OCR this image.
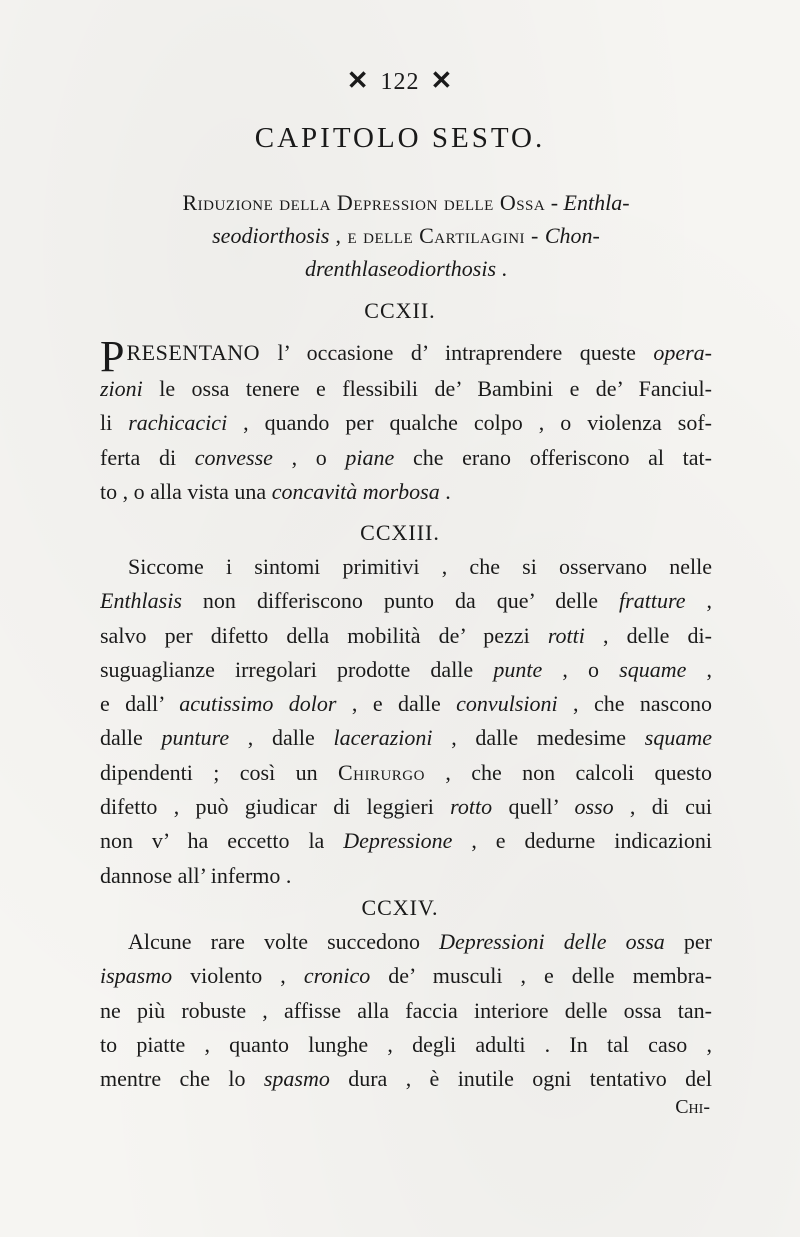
✕ 122 ✕
CAPITOLO SESTO.
Riduzione della Depression delle Ossa - Enthla-
seodiorthosis , e delle Cartilagini - Chon-
drenthlaseodiorthosis .
CCXII.
PRESENTANO l’ occasione d’ intraprendere queste opera-
zioni le ossa tenere e flessibili de’ Bambini e de’ Fanciul-
li rachicacici , quando per qualche colpo , o violenza sof-
ferta di convesse , o piane che erano offeriscono al tat-
to , o alla vista una concavità morbosa .
CCXIII.
Siccome i sintomi primitivi , che si osservano nelle
Enthlasis non differiscono punto da que’ delle fratture ,
salvo per difetto della mobilità de’ pezzi rotti , delle di-
suguaglianze irregolari prodotte dalle punte , o squame ,
e dall’ acutissimo dolor , e dalle convulsioni , che nascono
dalle punture , dalle lacerazioni , dalle medesime squame
dipendenti ; così un Chirurgo , che non calcoli questo
difetto , può giudicar di leggieri rotto quell’ osso , di cui
non v’ ha eccetto la Depressione , e dedurne indicazioni
dannose all’ infermo .
CCXIV.
Alcune rare volte succedono Depressioni delle ossa per
ispasmo violento , cronico de’ musculi , e delle membra-
ne più robuste , affisse alla faccia interiore delle ossa tan-
to piatte , quanto lunghe , degli adulti . In tal caso ,
mentre che lo spasmo dura , è inutile ogni tentativo del
Chi-
